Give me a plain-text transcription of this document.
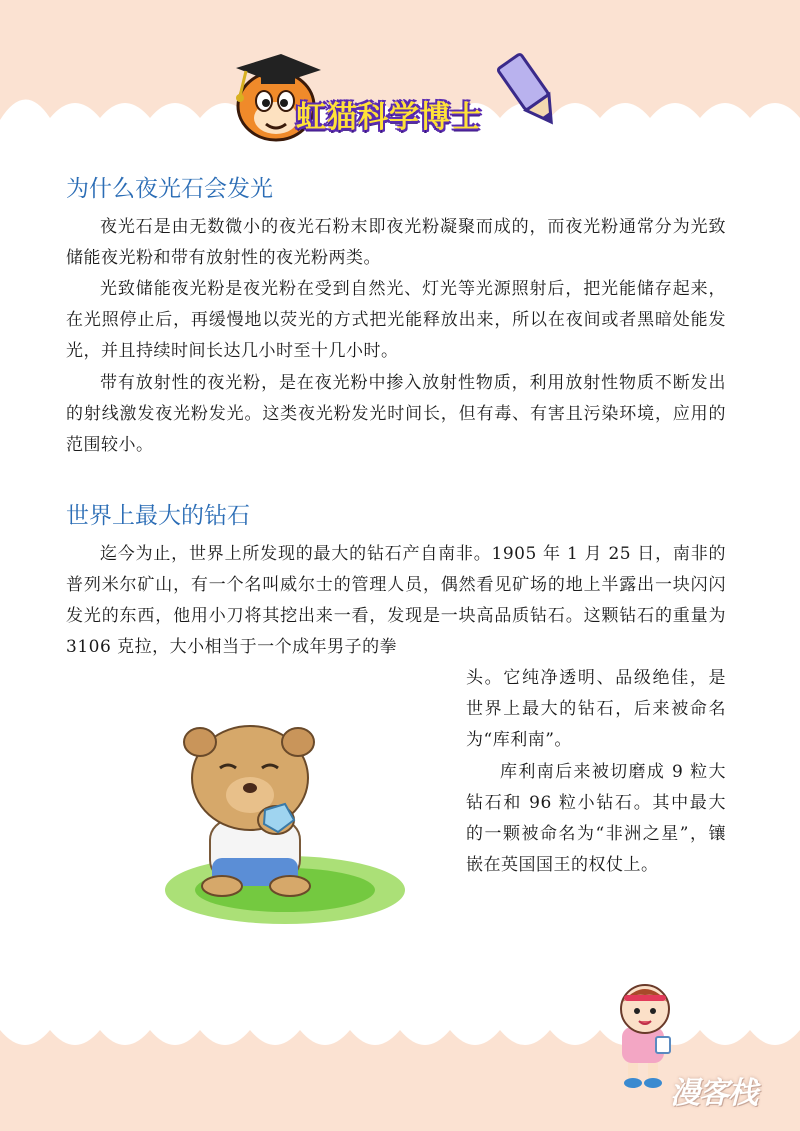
虹猫科学博士
为什么夜光石会发光

夜光石是由无数微小的夜光石粉末即夜光粉凝聚而成的，而夜光粉通常分为光致储能夜光粉和带有放射性的夜光粉两类。

光致储能夜光粉是夜光粉在受到自然光、灯光等光源照射后，把光能储存起来，在光照停止后，再缓慢地以荧光的方式把光能释放出来，所以在夜间或者黑暗处能发光，并且持续时间长达几小时至十几小时。

带有放射性的夜光粉，是在夜光粉中掺入放射性物质，利用放射性物质不断发出的射线激发夜光粉发光。这类夜光粉发光时间长，但有毒、有害且污染环境，应用的范围较小。

世界上最大的钻石

迄今为止，世界上所发现的最大的钻石产自南非。1905 年 1 月 25 日，南非的普列米尔矿山，有一个名叫威尔士的管理人员，偶然看见矿场的地上半露出一块闪闪发光的东西，他用小刀将其挖出来一看，发现是一块高品质钻石。这颗钻石的重量为 3106 克拉，大小相当于一个成年男子的拳

头。它纯净透明、品级绝佳，是世界上最大的钻石，后来被命名为“库利南”。

库利南后来被切磨成 9 粒大钻石和 96 粒小钻石。其中最大的一颗被命名为“非洲之星”，镶嵌在英国国王的权仗上。

漫客栈
